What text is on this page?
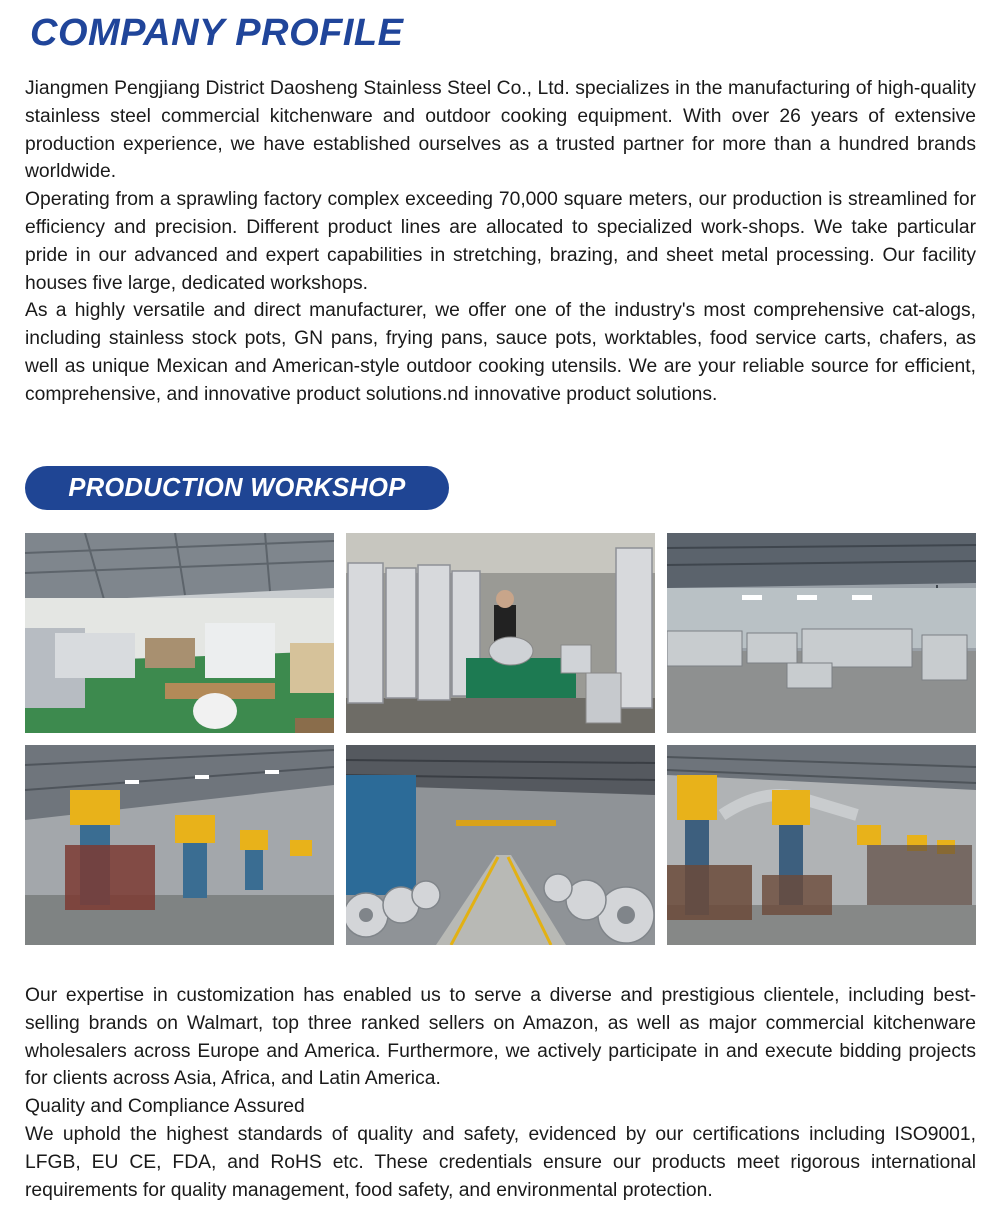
COMPANY PROFILE

Jiangmen Pengjiang District Daosheng Stainless Steel Co., Ltd. specializes in the manufacturing of high-quality stainless steel commercial kitchenware and outdoor cooking equipment. With over 26 years of extensive production experience, we have established ourselves as a trusted partner for more than a hundred brands worldwide.

Operating from a sprawling factory complex exceeding 70,000 square meters, our production is streamlined for efficiency and precision. Different product lines are allocated to specialized work-shops. We take particular pride in our advanced and expert capabilities in stretching, brazing, and sheet metal processing. Our facility houses five large, dedicated workshops.

As a highly versatile and direct manufacturer, we offer one of the industry's most comprehensive cat-alogs, including stainless stock pots, GN pans, frying pans, sauce pots, worktables, food service carts, chafers, as well as unique Mexican and American-style outdoor cooking utensils. We are your reliable source for efficient, comprehensive, and innovative product solutions.nd innovative product solutions.

PRODUCTION WORKSHOP

Our expertise in customization has enabled us to serve a diverse and prestigious clientele, including best-selling brands on Walmart, top three ranked sellers on Amazon, as well as major commercial kitchenware wholesalers across Europe and America. Furthermore, we actively participate in and execute bidding projects for clients across Asia, Africa, and Latin America.

Quality and Compliance Assured

We uphold the highest standards of quality and safety, evidenced by our certifications including ISO9001, LFGB, EU CE, FDA, and RoHS etc. These credentials ensure our products meet rigorous international requirements for quality management, food safety, and environmental protection.
